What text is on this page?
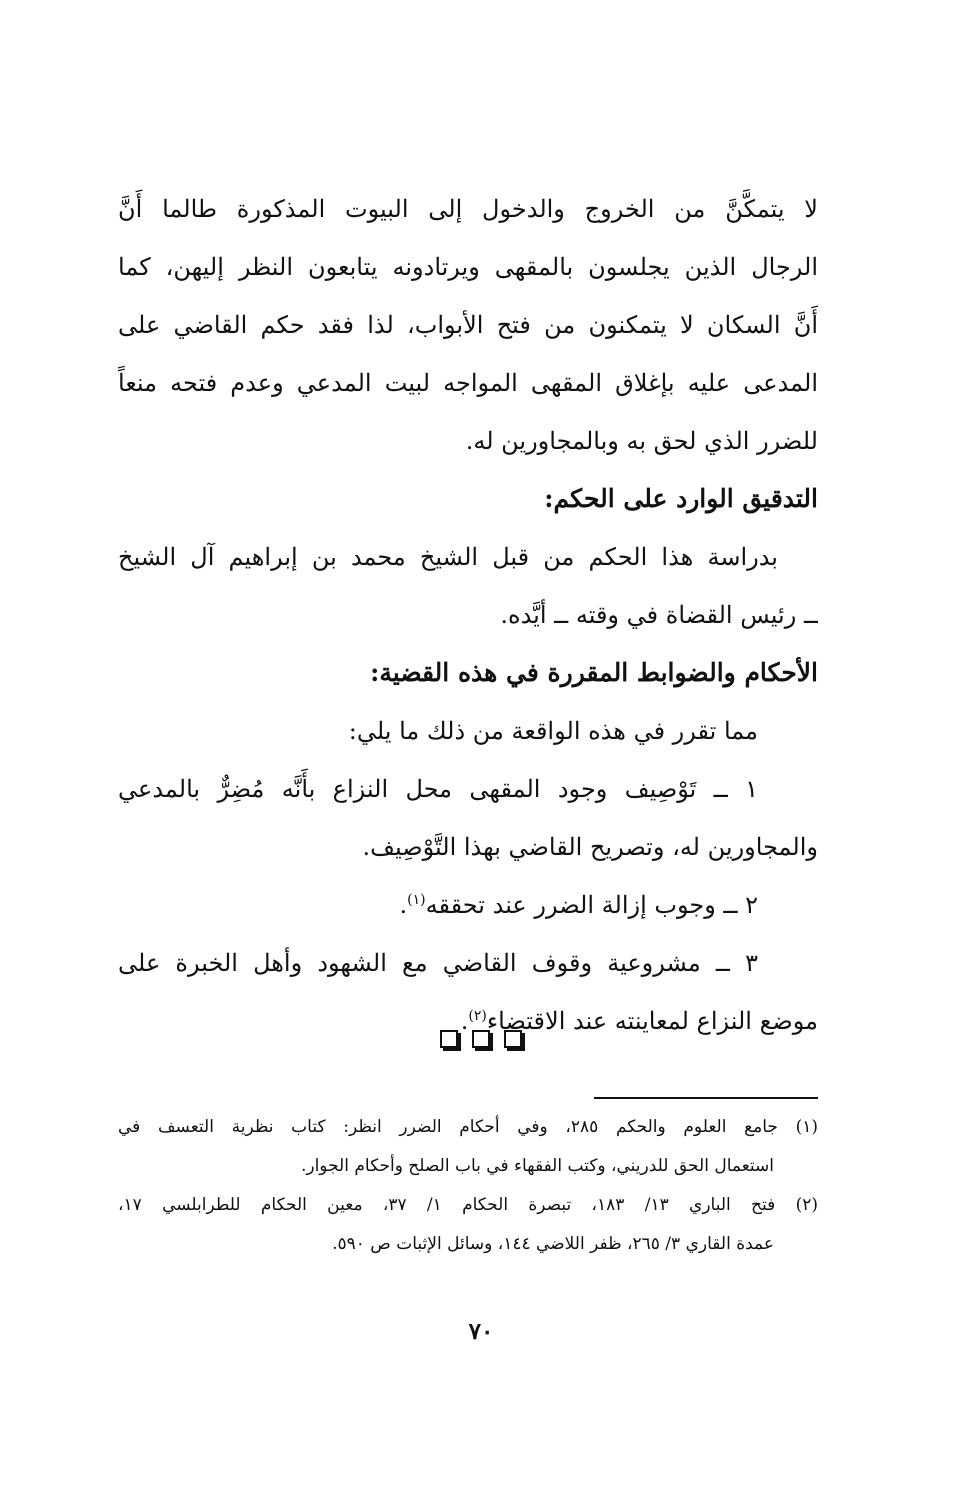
لا يتمكَّنَّ من الخروج والدخول إلى البيوت المذكورة طالما أَنَّ
الرجال الذين يجلسون بالمقهى ويرتادونه يتابعون النظر إليهن، كما
أَنَّ السكان لا يتمكنون من فتح الأبواب، لذا فقد حكم القاضي على
المدعى عليه بإغلاق المقهى المواجه لبيت المدعي وعدم فتحه منعاً
للضرر الذي لحق به وبالمجاورين له.
التدقيق الوارد على الحكم:
بدراسة هذا الحكم من قبل الشيخ محمد بن إبراهيم آل الشيخ
ــ رئيس القضاة في وقته ــ أيَّده.
الأحكام والضوابط المقررة في هذه القضية:
مما تقرر في هذه الواقعة من ذلك ما يلي:
١ ــ تَوْصِيف وجود المقهى محل النزاع بأَنَّه مُضِرٌّ بالمدعي
والمجاورين له، وتصريح القاضي بهذا التَّوْصِيف.
٢ ــ وجوب إزالة الضرر عند تحققه$^{(١)}$.
٣ ــ مشروعية وقوف القاضي مع الشهود وأهل الخبرة على
موضع النزاع لمعاينته عند الاقتضاء$^{(٢)}$.

(١) جامع العلوم والحكم ٢٨٥، وفي أحكام الضرر انظر: كتاب نظرية التعسف في
استعمال الحق للدريني، وكتب الفقهاء في باب الصلح وأحكام الجوار.
(٢) فتح الباري ١٣/ ١٨٣، تبصرة الحكام ١/ ٣٧، معين الحكام للطرابلسي ١٧،
عمدة القاري ٣/ ٢٦٥، ظفر اللاضي ١٤٤، وسائل الإثبات ص ٥٩٠.
٧٠
